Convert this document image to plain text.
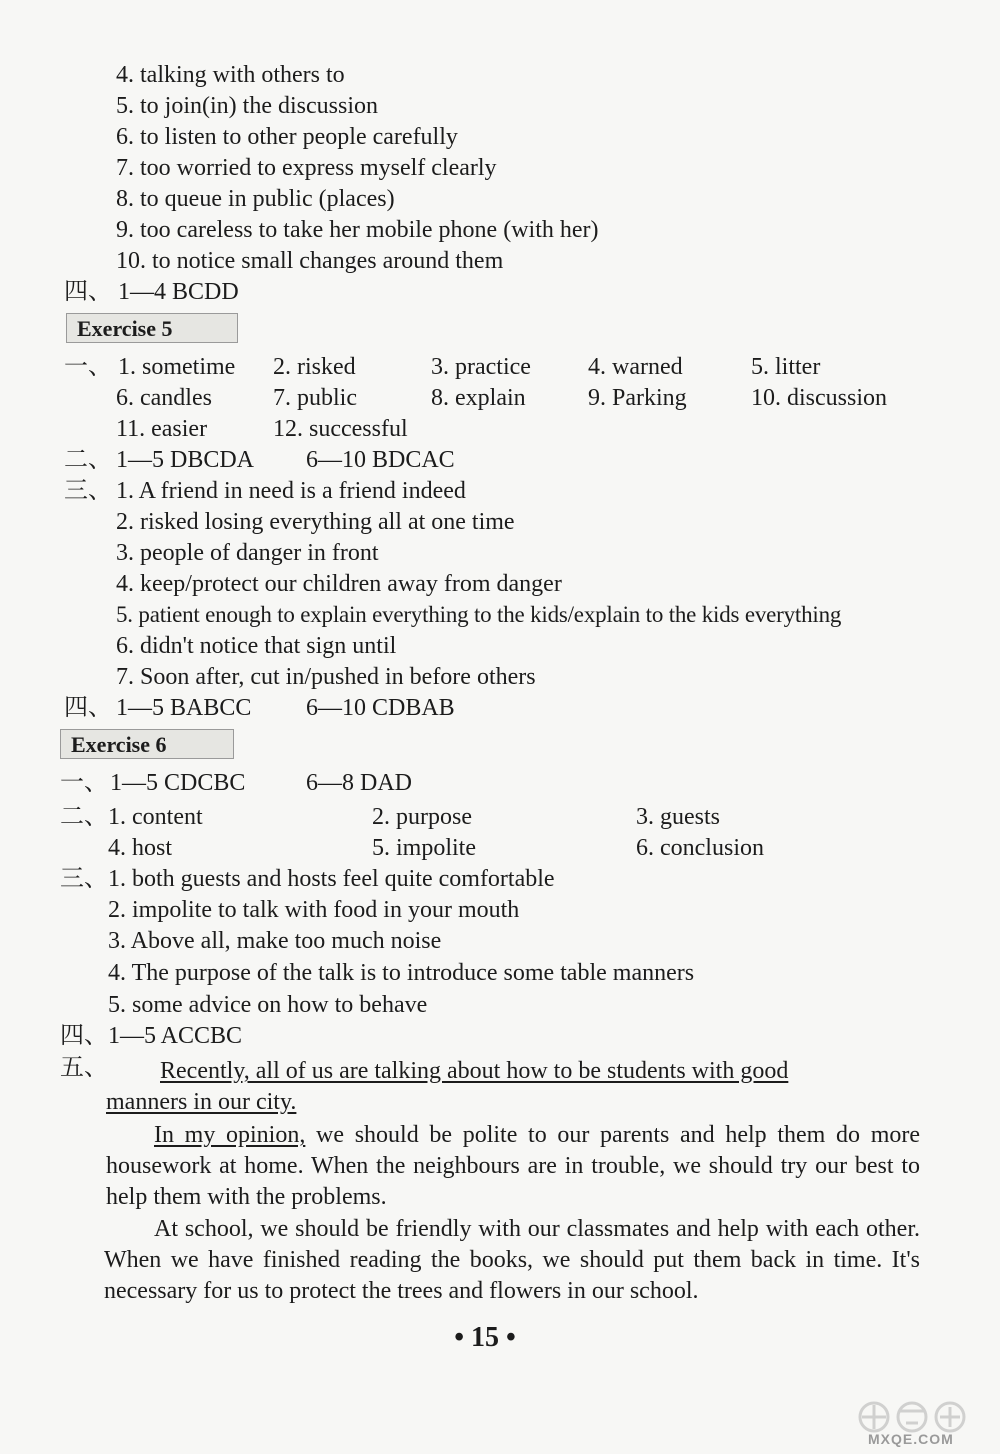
4. talking with others to
5. to join(in) the discussion
6. to listen to other people carefully
7. too worried to express myself clearly
8. to queue in public (places)
9. too careless to take her mobile phone (with her)
10. to notice small changes around them
四、 1—4 BCDD
Exercise 5
一、 1. sometime 2. risked	3. practice 4. warned	5. litter
6. candles	7. public	8. explain	9. Parking	10. discussion
11. easier	12. successful
二、 1—5 DBCDA 6—10 BDCAC
三、 1. A friend in need is a friend indeed
2. risked losing everything all at one time
3. people of danger in front
4. keep/protect our children away from danger
5. patient enough to explain everything to the kids/explain to the kids everything
6. didn't notice that sign until
7. Soon after, cut in/pushed in before others
四、 1—5 BABCC 6—10 CDBAB
Exercise 6
一、 1—5 CDCBC	6—8 DAD
二、 1. content	2. purpose	3. guests
4. host	5. impolite	6. conclusion
三、 1. both guests and hosts feel quite comfortable
2. impolite to talk with food in your mouth
3. Above all, make too much noise
4. The purpose of the talk is to introduce some table manners
5. some advice on how to behave
四、 1—5 ACCBC
五、 Recently, all of us are talking about how to be students with good
manners in our city.
In my opinion, we should be polite to our parents and help them do more housework at home. When the neighbours are in trouble, we should try our best to help them with the problems.
At school, we should be friendly with our classmates and help with each other. When we have finished reading the books, we should put them back in time. It's necessary for us to protect the trees and flowers in our school.
• 15 •
MXQE.COM
